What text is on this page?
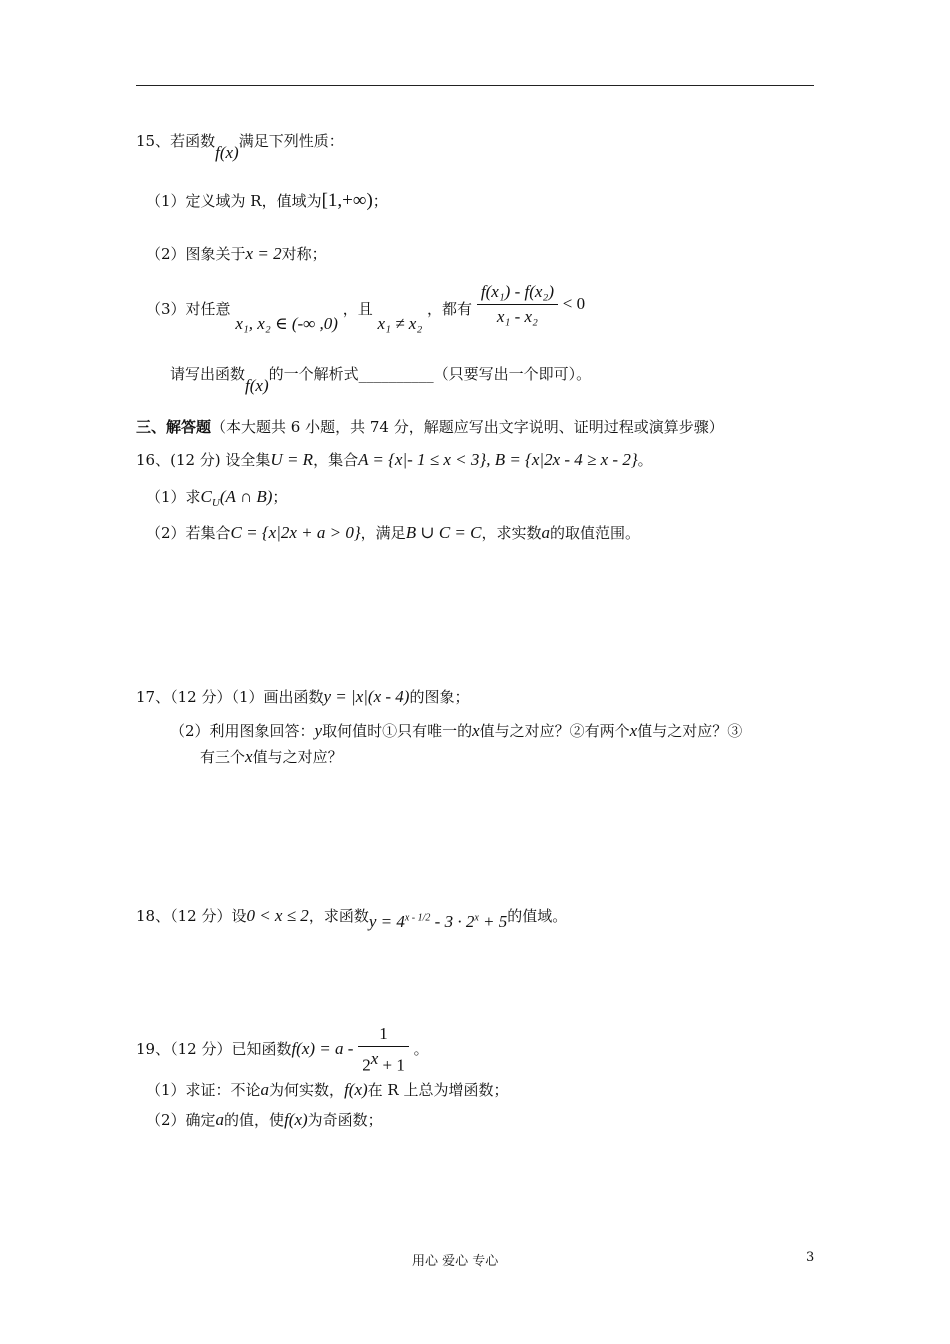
15、若函数f(x)满足下列性质：
（1）定义域为 R，值域为[1,+∞)；
（2）图象关于x = 2对称；
（3）对任意 x₁, x₂ ∈ (-∞ ,0) ，且 x₁ ≠ x₂ ，都有 $\frac{\text{f(x₁) - f(x₂)}}{\text{x₁ - x₂}} < 0$
请写出函数f(x)的一个解析式__________（只要写出一个即可）。
三、解答题（本大题共 6 小题，共 74 分，解题应写出文字说明、证明过程或演算步骤）
16、(12 分) 设全集U = R，集合A = {x|- 1 ≤ x < 3}, B = {x|2x - 4 ≥ x - 2}。
（1）求$C_U(A$ ∩ B)；
（2）若集合C = {x|2x + a > 0}，满足B ∪ C = C，求实数a的取值范围。
17、（12 分）（1）画出函数y = |x|(x - 4)的图象；
（2）利用图象回答：y取何值时①只有唯一的x值与之对应？②有两个x值与之对应？③
有三个x值与之对应？
18、（12 分）设0 < x ≤ 2，求函数$y = 4^{x - 1/2} - 3 \cdot 2^x + 5$的值域。
19、（12 分）已知函数$f(x) = a - \frac{1}{2^x + 1}$ 。
（1）求证：不论a为何实数，f(x)在 R 上总为增函数；
（2）确定a的值，使f(x)为奇函数；
用心 爱心 专心	3
